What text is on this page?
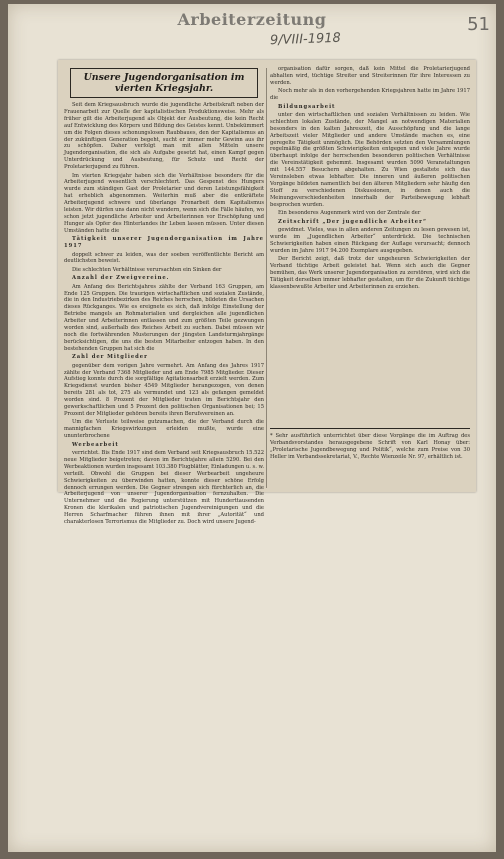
Arbeiterzeitung
9/VIII-1918
51
Unsere Jugendorganisation im vierten Kriegsjahr.

Seit dem Kriegsausbruch wurde die jugendliche Arbeitskraft neben der Frauenarbeit zur Quelle der kapitalistischen Produktionsweise. Mehr als früher gilt die Arbeiterjugend als Objekt der Ausbeutung, die kein Recht auf Entwicklung des Körpers und Bildung des Geistes kennt. Unbekümmert um die Folgen dieses schonungslosen Raubbaues, den der Kapitalismus an der zukünftigen Generation begeht, sucht er immer mehr Gewinn aus ihr zu schöpfen. Daher verfolgt man mit allen Mitteln unsere Jugendorganisation, die sich als Aufgabe gesetzt hat, einen Kampf gegen Unterdrückung und Ausbeutung, für Schutz und Recht der Proletarierjugend zu führen.

Im vierten Kriegsjahr haben sich die Verhältnisse besonders für die Arbeiterjugend wesentlich verschlechtert. Das Gespenst des Hungers wurde zum ständigen Gast der Proletarier und deren Leistungsfähigkeit hat erheblich abgenommen. Weiterhin muß aber die entkräftete Arbeiterjugend schwere und überlange Fronarbeit dem Kapitalismus leisten. Wir dürfen uns dann nicht wundern, wenn sich die Fälle häufen, wo schon jetzt jugendliche Arbeiter und Arbeiterinnen vor Erschöpfung und Hunger als Opfer des Hinterlandes ihr Leben lassen müssen. Unter diesen Umständen hatte die

Tätigkeit unserer Jugendorganisation im Jahre 1917

doppelt schwer zu leiden, was der soeben veröffentlichte Bericht am deutlichsten beweist.

Die schlechten Verhältnisse verursachten ein Sinken der

Anzahl der Zweigvereine.

Am Anfang des Berichtsjahres zählte der Verband 163 Gruppen, am Ende 125 Gruppen. Die traurigen wirtschaftlichen und sozialen Zustände, die in den Industriebezirken des Reiches herrschen, bildeten die Ursachen dieses Rückganges. Wie es ereignete es sich, daß infolge Einstellung der Betriebe mangels an Rohmaterialien und dergleichen alle jugendlichen Arbeiter und Arbeiterinnen entlassen und zum größten Teile gezwungen worden sind, außerhalb des Reiches Arbeit zu suchen. Dabei müssen wir noch die fortwährenden Musterungen der jüngsten Landsturmjahrgänge berücksichtigen, die uns die besten Mitarbeiter entzogen haben. In den bestehenden Gruppen hat sich die

Zahl der Mitglieder

gegenüber dem vorigen Jahre vermehrt. Am Anfang des Jahres 1917 zählte der Verband 7368 Mitglieder und am Ende 7985 Mitglieder. Dieser Aufstieg konnte durch die sorgfältige Agitationsarbeit erzielt werden. Zum Kriegsdienst wurden bisher 4549 Mitglieder herangezogen, von denen bereits 281 als tot, 275 als vermundet und 123 als gefangen gemeldet worden sind. 8 Prozent der Mitglieder traten im Berichtsjahr den gewerkschaftlichen und 5 Prozent den politischen Organisationen bei; 15 Prozent der Mitglieder gehören bereits ihren Berufsvereinen an.

Um die Verluste teilweise gutzumachen, die der Verband durch die mannigfachen Kriegswirkungen erleiden mußte, wurde eine ununterbrochene

Werbearbeit

verrichtet. Bis Ende 1917 sind dem Verband seit Kriegsausbruch 15.522 neue Mitglieder beigetreten; davon im Berichtsjahre allein 5290. Bei den Werbeaktionen wurden insgesamt 103.380 Flugblätter, Einladungen u. s. w. verteilt. Obwohl die Gruppen bei dieser Werbearbeit ungeheure Schwierigkeiten zu überwinden hatten, konnte dieser schöne Erfolg dennoch errungen werden. Die Gegner strengen sich fürchterlich an, die Arbeiterjugend von unserer Jugendorganisation fernzuhalten. Die Unternehmer und die Regierung unterstützen mit Hunderttausenden Kronen die klerikalen und patriotischen Jugendvereinigungen und die Herren Scharfmacher führen ihnen mit ihrer „Autorität“ und charakterlosen Terrorismus die Mitglieder zu. Doch wird unsere Jugend-

organisation dafür sorgen, daß kein Mittel die Proletarierjugend abhalten wird, tüchtige Streiter und Streiterinnen für ihre Interessen zu werden.

Noch mehr als in den vorhergehenden Kriegsjahren hatte im Jahre 1917 die

Bildungsarbeit

unter den wirtschaftlichen und sozialen Verhältnissen zu leiden. Wie schlechten lokalen Zustände, der Mangel an notwendigen Materialien besonders in den kalten Jahreszeit, die Ausschöpfung und die lange Arbeitszeit vieler Mitglieder und andere Umstände machen es, eine geregelte Tätigkeit unmöglich. Die Behörden setzten den Versammlungen regelmäßig die größten Schwierigkeiten entgegen und viele Jahre wurde überhaupt infolge der herrschenden besonderen politischen Verhältnisse die Vereinstätigkeit gehemmt. Insgesamt wurden 5090 Veranstaltungen mit 144.557 Besuchern abgehalten. Zu Wien gestaltete sich das Vereinsleben etwas lebhafter. Die inneren und äußeren politischen Vorgänge bildeten namentlich bei den älteren Mitgliedern sehr häufig den Stoff zu verschiedenen Diskussionen, in denen auch die Meinungsverschiedenheiten innerhalb der Parteibewegung lebhaft besprochen wurden.

Ein besonderes Augenmerk wird von der Zentrale der

Zeitschrift „Der jugendliche Arbeiter“

gewidmet. Vieles, was in allen anderen Zeitungen zu lesen gewesen ist, wurde im „Jugendlichen Arbeiter“ unterdrückt. Die technischen Schwierigkeiten haben einen Rückgang der Auflage verursacht; dennoch wurden im Jahre 1917 94.200 Exemplare ausgegeben.

Der Bericht zeigt, daß trotz der ungeheuren Schwierigkeiten der Verband tüchtige Arbeit geleistet hat. Wenn sich auch die Gegner bemühen, das Werk unserer Jugendorganisation zu zerstören, wird sich die Tätigkeit derselben immer lebhafter gestalten, um für die Zukunft tüchtige klassenbewußte Arbeiter und Arbeiterinnen zu erziehen.

* Sehr ausführlich unterrichtet über diese Vorgänge die im Auftrag des Verbandsvorstandes herausgegebene Schrift von Karl Honay über: „Proletarische Jugendbewegung und Politik“, welche zum Preise von 30 Heller im Verbandssekretariat, V., Rechte Wienzeile Nr. 97, erhältlich ist.
